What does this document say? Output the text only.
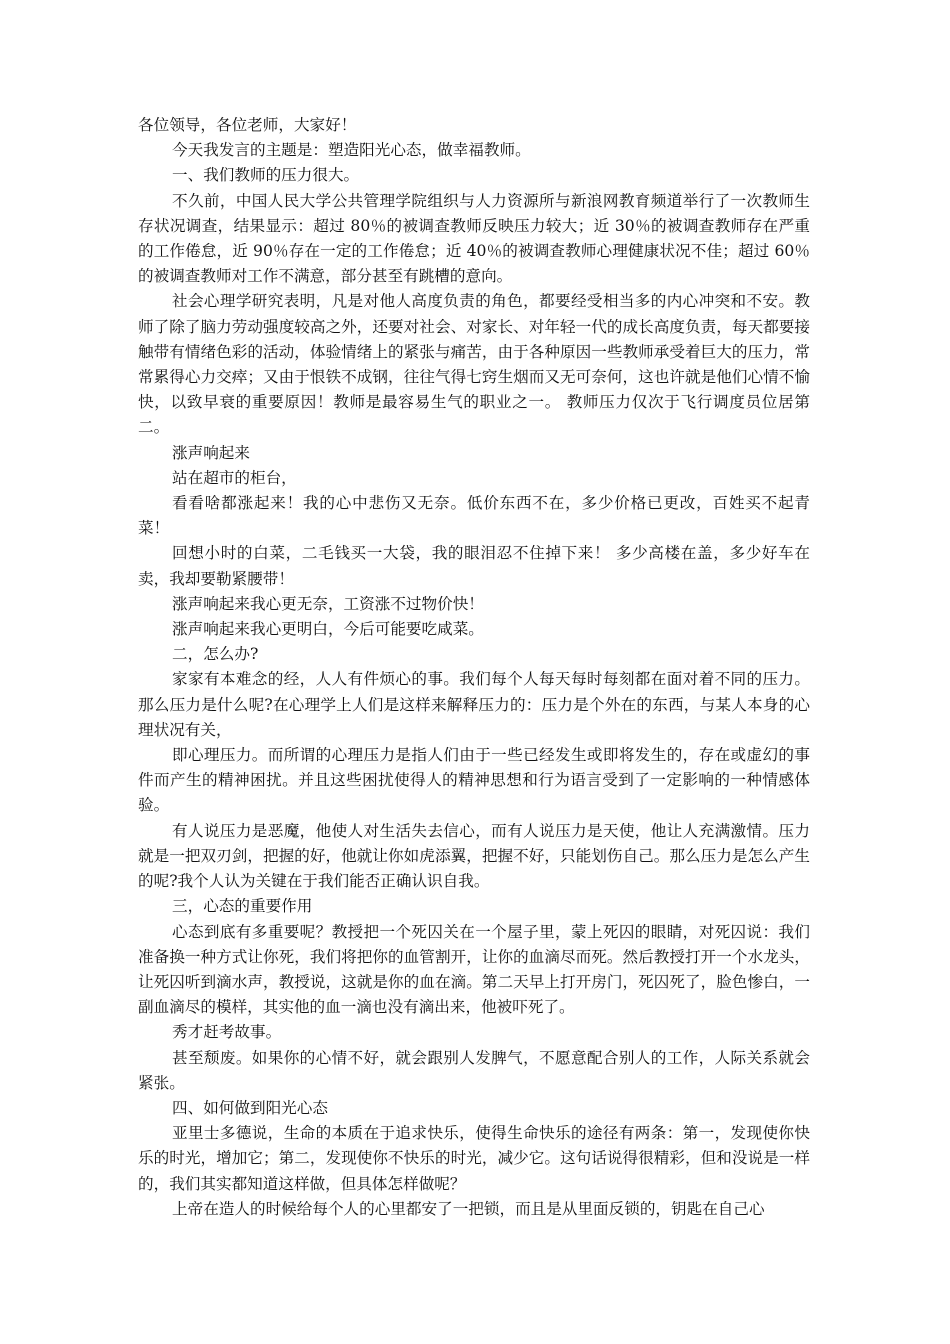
各位领导，各位老师，大家好！

今天我发言的主题是：塑造阳光心态，做幸福教师。

一、我们教师的压力很大。

不久前，中国人民大学公共管理学院组织与人力资源所与新浪网教育频道举行了一次教师生存状况调查，结果显示：超过 80％的被调查教师反映压力较大；近 30％的被调查教师存在严重的工作倦怠，近 90％存在一定的工作倦怠；近 40％的被调查教师心理健康状况不佳；超过 60％的被调查教师对工作不满意，部分甚至有跳槽的意向。

社会心理学研究表明，凡是对他人高度负责的角色，都要经受相当多的内心冲突和不安。教师了除了脑力劳动强度较高之外，还要对社会、对家长、对年轻一代的成长高度负责，每天都要接触带有情绪色彩的活动，体验情绪上的紧张与痛苦，由于各种原因一些教师承受着巨大的压力，常常累得心力交瘁；又由于恨铁不成钢，往往气得七窍生烟而又无可奈何，这也许就是他们心情不愉快，以致早衰的重要原因！教师是最容易生气的职业之一。 教师压力仅次于飞行调度员位居第二。

涨声响起来

站在超市的柜台，

看看啥都涨起来！我的心中悲伤又无奈。低价东西不在，多少价格已更改，百姓买不起青菜！

回想小时的白菜，二毛钱买一大袋，我的眼泪忍不住掉下来！ 多少高楼在盖，多少好车在卖，我却要勒紧腰带！

涨声响起来我心更无奈，工资涨不过物价快！

涨声响起来我心更明白，今后可能要吃咸菜。

二，怎么办?

家家有本难念的经，人人有件烦心的事。我们每个人每天每时每刻都在面对着不同的压力。那么压力是什么呢?在心理学上人们是这样来解释压力的：压力是个外在的东西，与某人本身的心理状况有关，

即心理压力。而所谓的心理压力是指人们由于一些已经发生或即将发生的，存在或虚幻的事件而产生的精神困扰。并且这些困扰使得人的精神思想和行为语言受到了一定影响的一种情感体验。

有人说压力是恶魔，他使人对生活失去信心，而有人说压力是天使，他让人充满激情。压力就是一把双刃剑，把握的好，他就让你如虎添翼，把握不好，只能划伤自己。那么压力是怎么产生的呢?我个人认为关键在于我们能否正确认识自我。

三，心态的重要作用

心态到底有多重要呢？教授把一个死囚关在一个屋子里，蒙上死囚的眼睛，对死囚说：我们准备换一种方式让你死，我们将把你的血管割开，让你的血滴尽而死。然后教授打开一个水龙头，让死囚听到滴水声，教授说，这就是你的血在滴。第二天早上打开房门，死囚死了，脸色惨白，一副血滴尽的模样，其实他的血一滴也没有滴出来，他被吓死了。

秀才赶考故事。

甚至颓废。如果你的心情不好，就会跟别人发脾气，不愿意配合别人的工作，人际关系就会紧张。

四、如何做到阳光心态

亚里士多德说，生命的本质在于追求快乐，使得生命快乐的途径有两条：第一，发现使你快乐的时光，增加它；第二，发现使你不快乐的时光，减少它。这句话说得很精彩，但和没说是一样的，我们其实都知道这样做，但具体怎样做呢？

上帝在造人的时候给每个人的心里都安了一把锁，而且是从里面反锁的，钥匙在自己心
